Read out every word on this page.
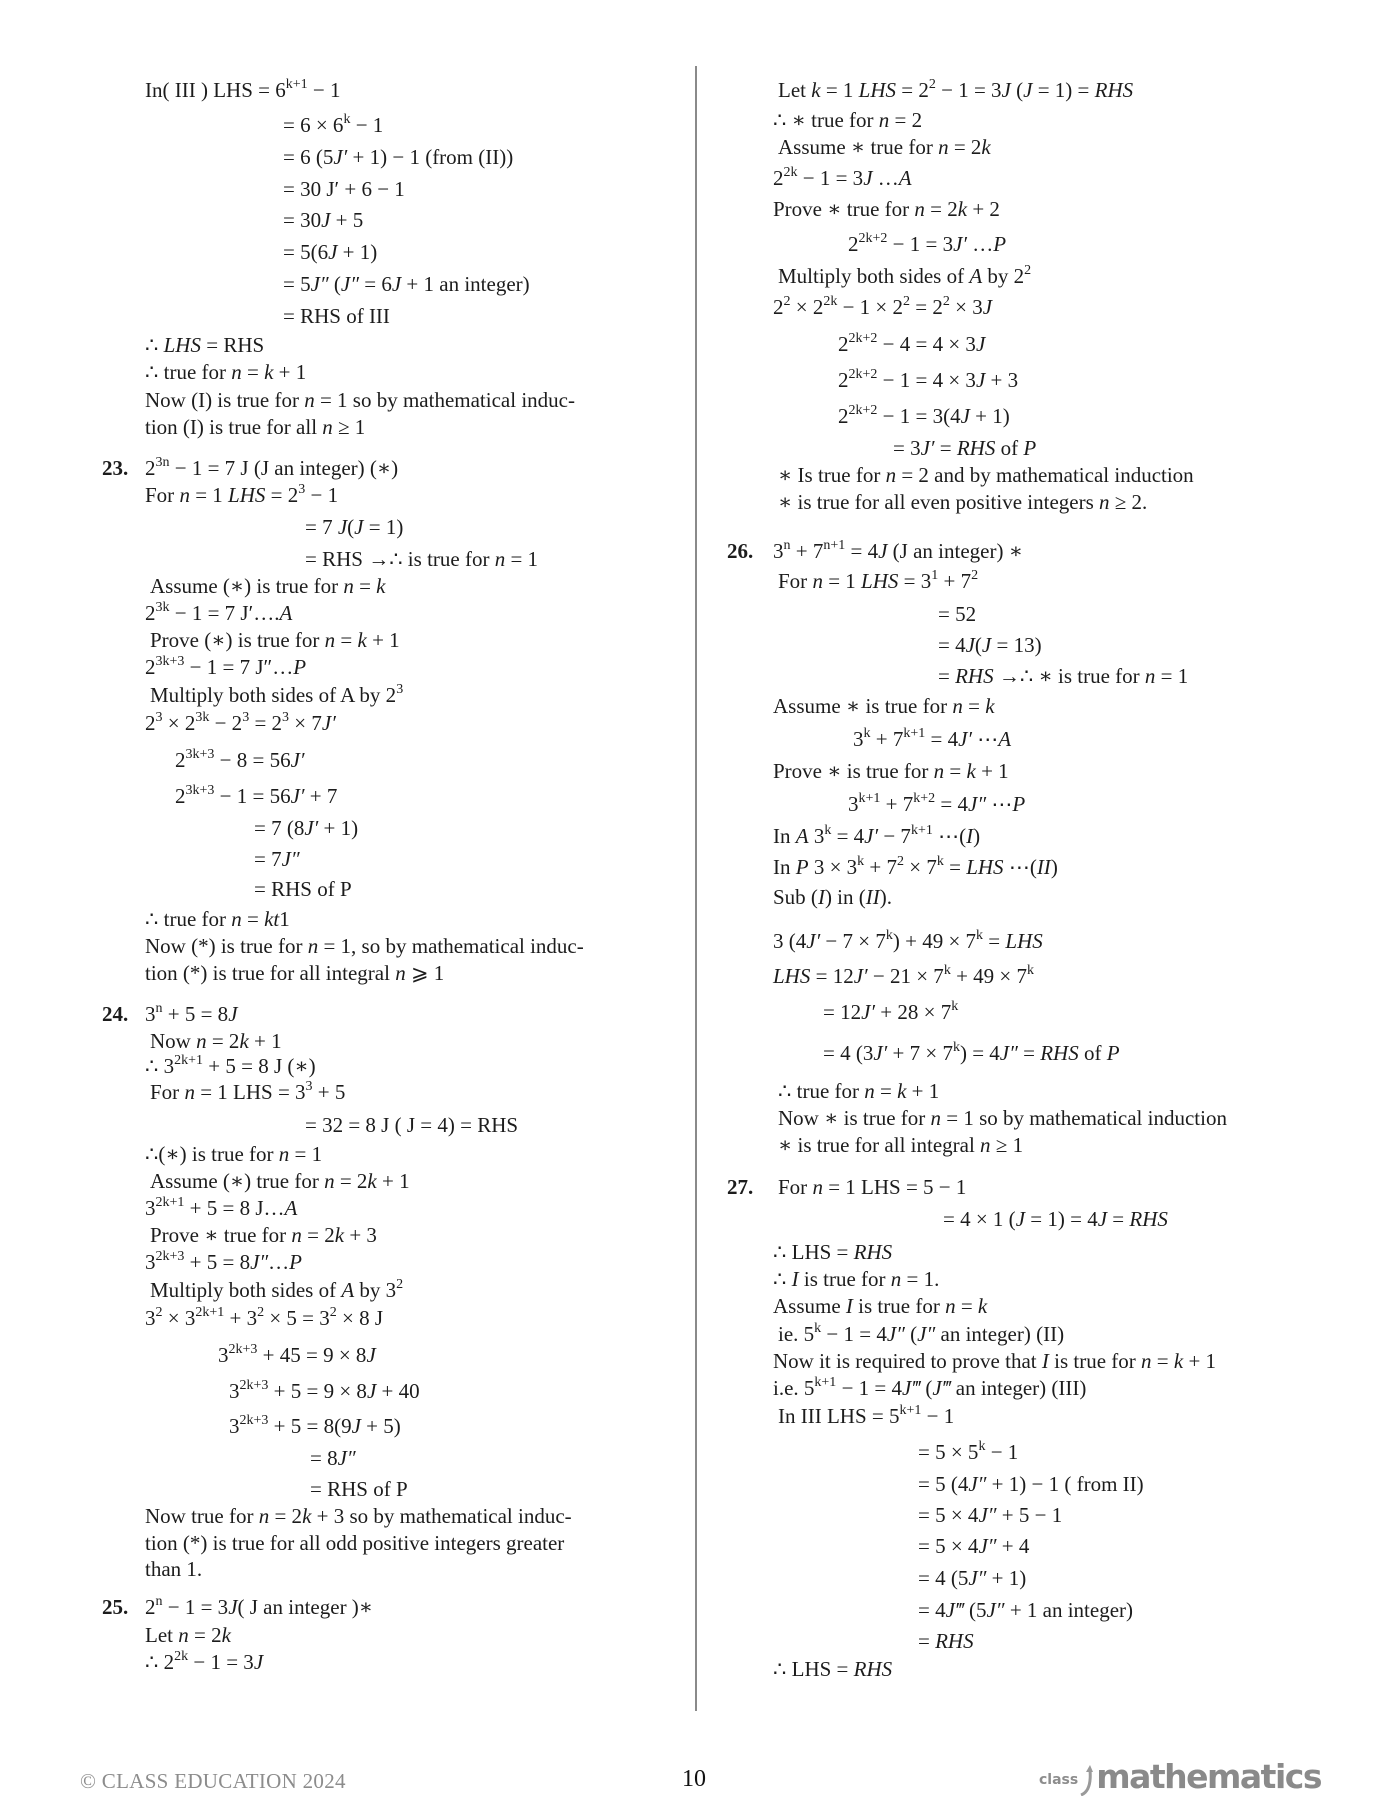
In( III ) LHS = $6^{k+1} - 1$
= $6 \times 6^k - 1$
= 6 (5J′ + 1) − 1 (from (II))
= 30 J′ + 6 − 1
= 30J + 5
= 5(6J + 1)
= 5J″ (J″ = 6J + 1 an integer)
= RHS of III
∴ LHS = RHS
∴ true for n = k + 1
Now (I) is true for n = 1 so by mathematical induc-
tion (I) is true for all n ≥ 1
$2^{3n} - 1 = 7$ J (J an integer) (∗)
For n = 1 LHS = $2^3 - 1$
= 7 J(J = 1)
= RHS →∴ is true for n = 1
Assume (∗) is true for n = k
$2^{3k} - 1 = 7$ J′….A
Prove (∗) is true for n = k + 1
$2^{3k+3} - 1 = 7$ J″…P
Multiply both sides of A by $2^3$
$2^3 \times 2^{3k} - 2^3 = 2^3 \times 7J'$
$2^{3k+3} - 8 = 56J'$
$2^{3k+3} - 1 = 56J' + 7$
= 7 (8J′ + 1)
= 7J″
= RHS of P
∴ true for n = kt1
Now (*) is true for n = 1, so by mathematical induc-
tion (*) is true for all integral n ⩾ 1
$3^n + 5 = 8J$
Now n = 2k + 1
∴ $3^{2k+1} + 5 = 8$ J (∗)
For n = 1 LHS = $3^3 + 5$
= 32 = 8 J ( J = 4) = RHS
∴(∗) is true for n = 1
Assume (∗) true for n = 2k + 1
$3^{2k+1} + 5 = 8$ J…A
Prove ∗ true for n = 2k + 3
$3^{2k+3} + 5$ = 8J″…P
Multiply both sides of A by $3^2$
$3^2 \times 3^{2k+1} + 3^2 \times 5 = 3^2 \times 8$ J
$3^{2k+3} + 45 = 9 \times 8J$
$3^{2k+3} + 5 = 9 \times 8J + 40$
$3^{2k+3} + 5 = 8(9J + 5)$
= 8J″
= RHS of P
Now true for n = 2k + 3 so by mathematical induc-
tion (*) is true for all odd positive integers greater
than 1.
$2^n - 1 = 3J$( J an integer )∗
Let n = 2k
∴ $2^{2k} - 1 = 3J$
Let k = 1 LHS = $2^2 - 1 = 3J$ (J = 1) = RHS
∴ ∗ true for n = 2
Assume ∗ true for n = 2k
$2^{2k} - 1 = 3J$ …A
Prove ∗ true for n = 2k + 2
$2^{2k+2} - 1 = 3J'$ …P
Multiply both sides of A by $2^2$
$2^2 \times 2^{2k} - 1 \times 2^2 = 2^2 \times 3J$
$2^{2k+2} - 4 = 4 \times 3J$
$2^{2k+2} - 1 = 4 \times 3J + 3$
$2^{2k+2} - 1 = 3(4J + 1)$
= 3J′ = RHS of P
∗ Is true for n = 2 and by mathematical induction
∗ is true for all even positive integers n ≥ 2.
$3^n + 7^{n+1} = 4J$ (J an integer) ∗
For n = 1 LHS = $3^1 + 7^2$
= 52
= 4J(J = 13)
= RHS →∴ ∗ is true for n = 1
Assume ∗ is true for n = k
$3^k + 7^{k+1} = 4J'$ ⋯A
Prove ∗ is true for n = k + 1
$3^{k+1} + 7^{k+2} = 4J''$ ⋯P
In A $3^k = 4J' - 7^{k+1}$ ⋯(I)
In P $3 \times 3^k + 7^2 \times 7^k$ = LHS ⋯(II)
Sub (I) in (II).
3 $(4J' - 7 \times 7^k) + 49 \times 7^k$ = LHS
LHS = $12J' - 21 \times 7^k + 49 \times 7^k$
= $12J' + 28 \times 7^k$
= 4 $(3J' + 7 \times 7^k) = 4J''$ = RHS of P
∴ true for n = k + 1
Now ∗ is true for n = 1 so by mathematical induction
∗ is true for all integral n ≥ 1
For n = 1 LHS = 5 − 1
= 4 × 1 (J = 1) = 4J = RHS
∴ LHS = RHS
∴ I is true for n = 1.
Assume I is true for n = k
ie. $5^k - 1 = 4J''$ (J″ an integer) (II)
Now it is required to prove that I is true for n = k + 1
i.e. $5^{k+1} - 1$ = 4J‴ (J‴ an integer) (III)
In III LHS = $5^{k+1} - 1$
= $5 \times 5^k - 1$
= 5 (4J″ + 1) − 1 ( from II)
= 5 × 4J″ + 5 − 1
= 5 × 4J″ + 4
= 4 (5J″ + 1)
= 4J‴ (5J″ + 1 an integer)
= RHS
∴ LHS = RHS
23.
24.
25.
26.
27.
© CLASS EDUCATION 2024	10	class mathematics
